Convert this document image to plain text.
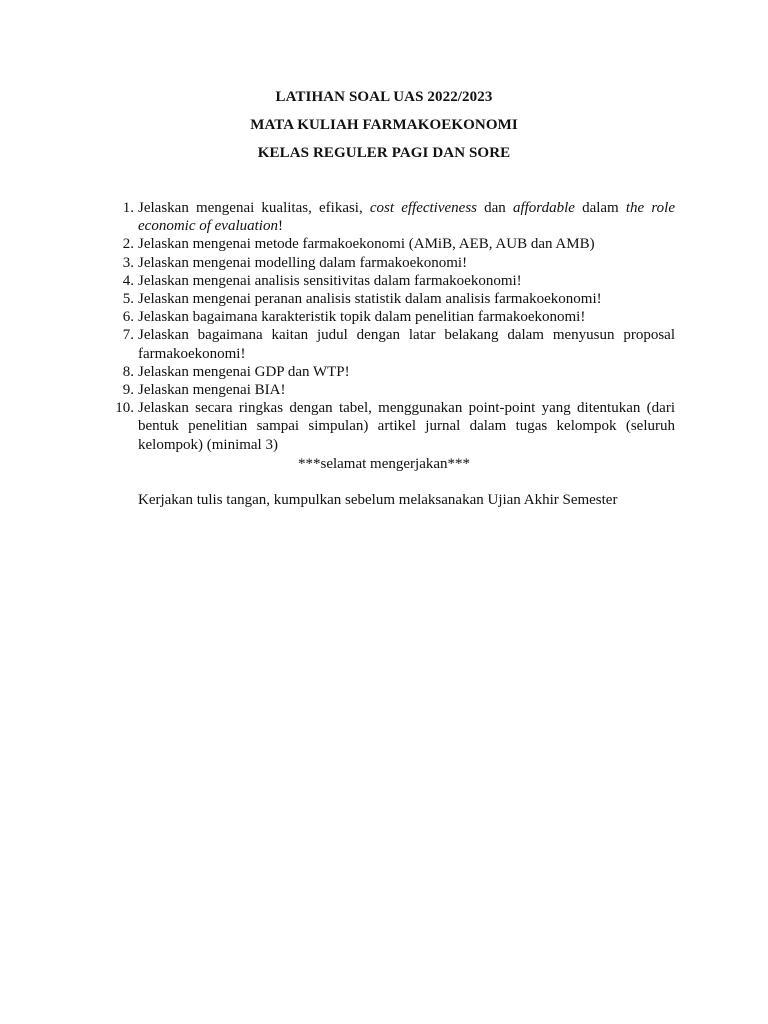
LATIHAN SOAL UAS 2022/2023
MATA KULIAH FARMAKOEKONOMI
KELAS REGULER PAGI DAN SORE
1. Jelaskan mengenai kualitas, efikasi, cost effectiveness dan affordable dalam the role economic of evaluation!
2. Jelaskan mengenai metode farmakoekonomi (AMiB, AEB, AUB dan AMB)
3. Jelaskan mengenai modelling dalam farmakoekonomi!
4. Jelaskan mengenai analisis sensitivitas dalam farmakoekonomi!
5. Jelaskan mengenai peranan analisis statistik dalam analisis farmakoekonomi!
6. Jelaskan bagaimana karakteristik topik dalam penelitian farmakoekonomi!
7. Jelaskan bagaimana kaitan judul dengan latar belakang dalam menyusun proposal farmakoekonomi!
8. Jelaskan mengenai GDP dan WTP!
9. Jelaskan mengenai BIA!
10. Jelaskan secara ringkas dengan tabel, menggunakan point-point yang ditentukan (dari bentuk penelitian sampai simpulan) artikel jurnal dalam tugas kelompok (seluruh kelompok) (minimal 3)
***selamat mengerjakan***
Kerjakan tulis tangan, kumpulkan sebelum melaksanakan Ujian Akhir Semester
